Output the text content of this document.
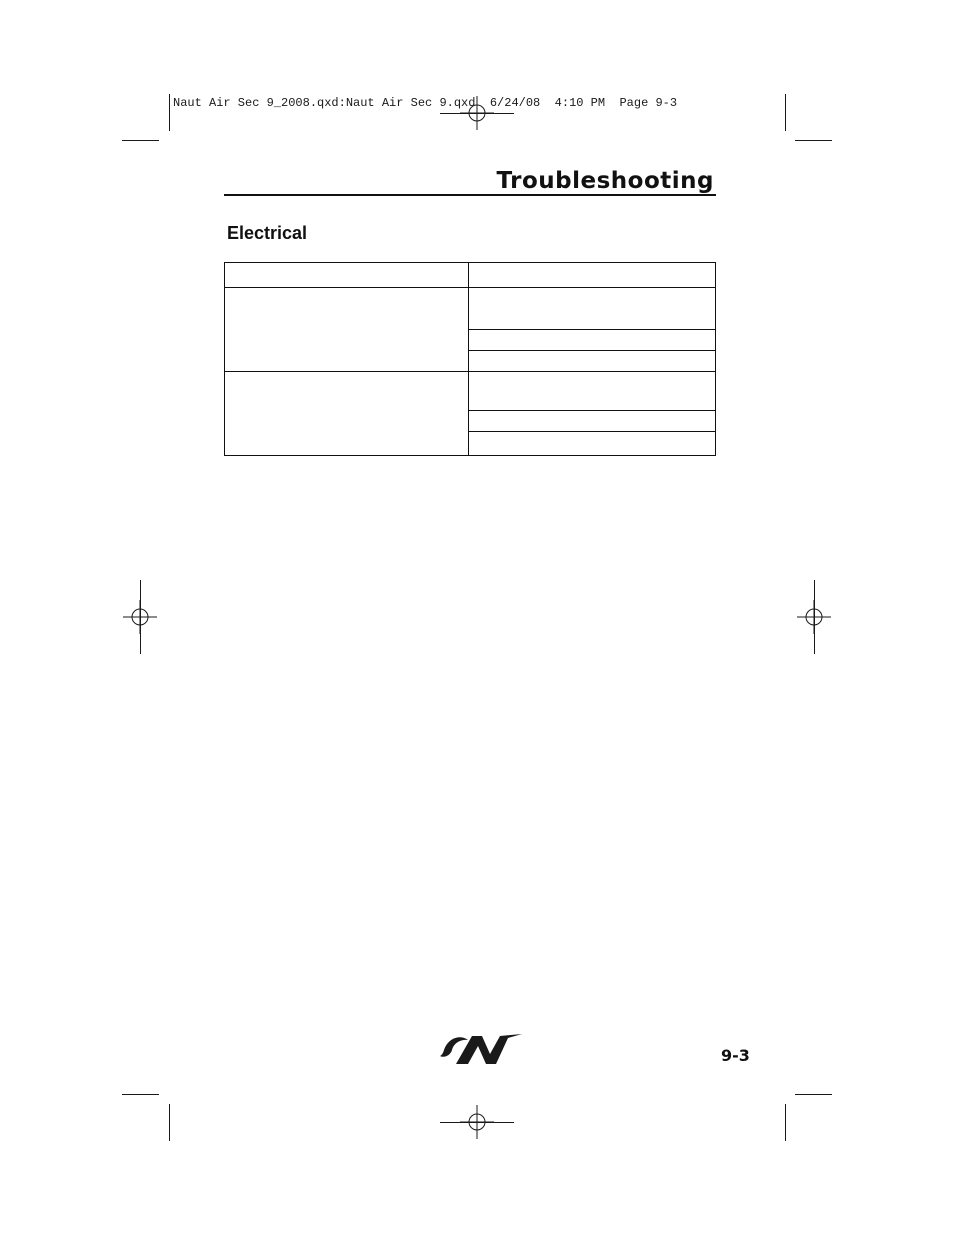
Naut Air Sec 9_2008.qxd:Naut Air Sec 9.qxd  6/24/08  4:10 PM  Page 9-3
Troubleshooting
Electrical
9-3
